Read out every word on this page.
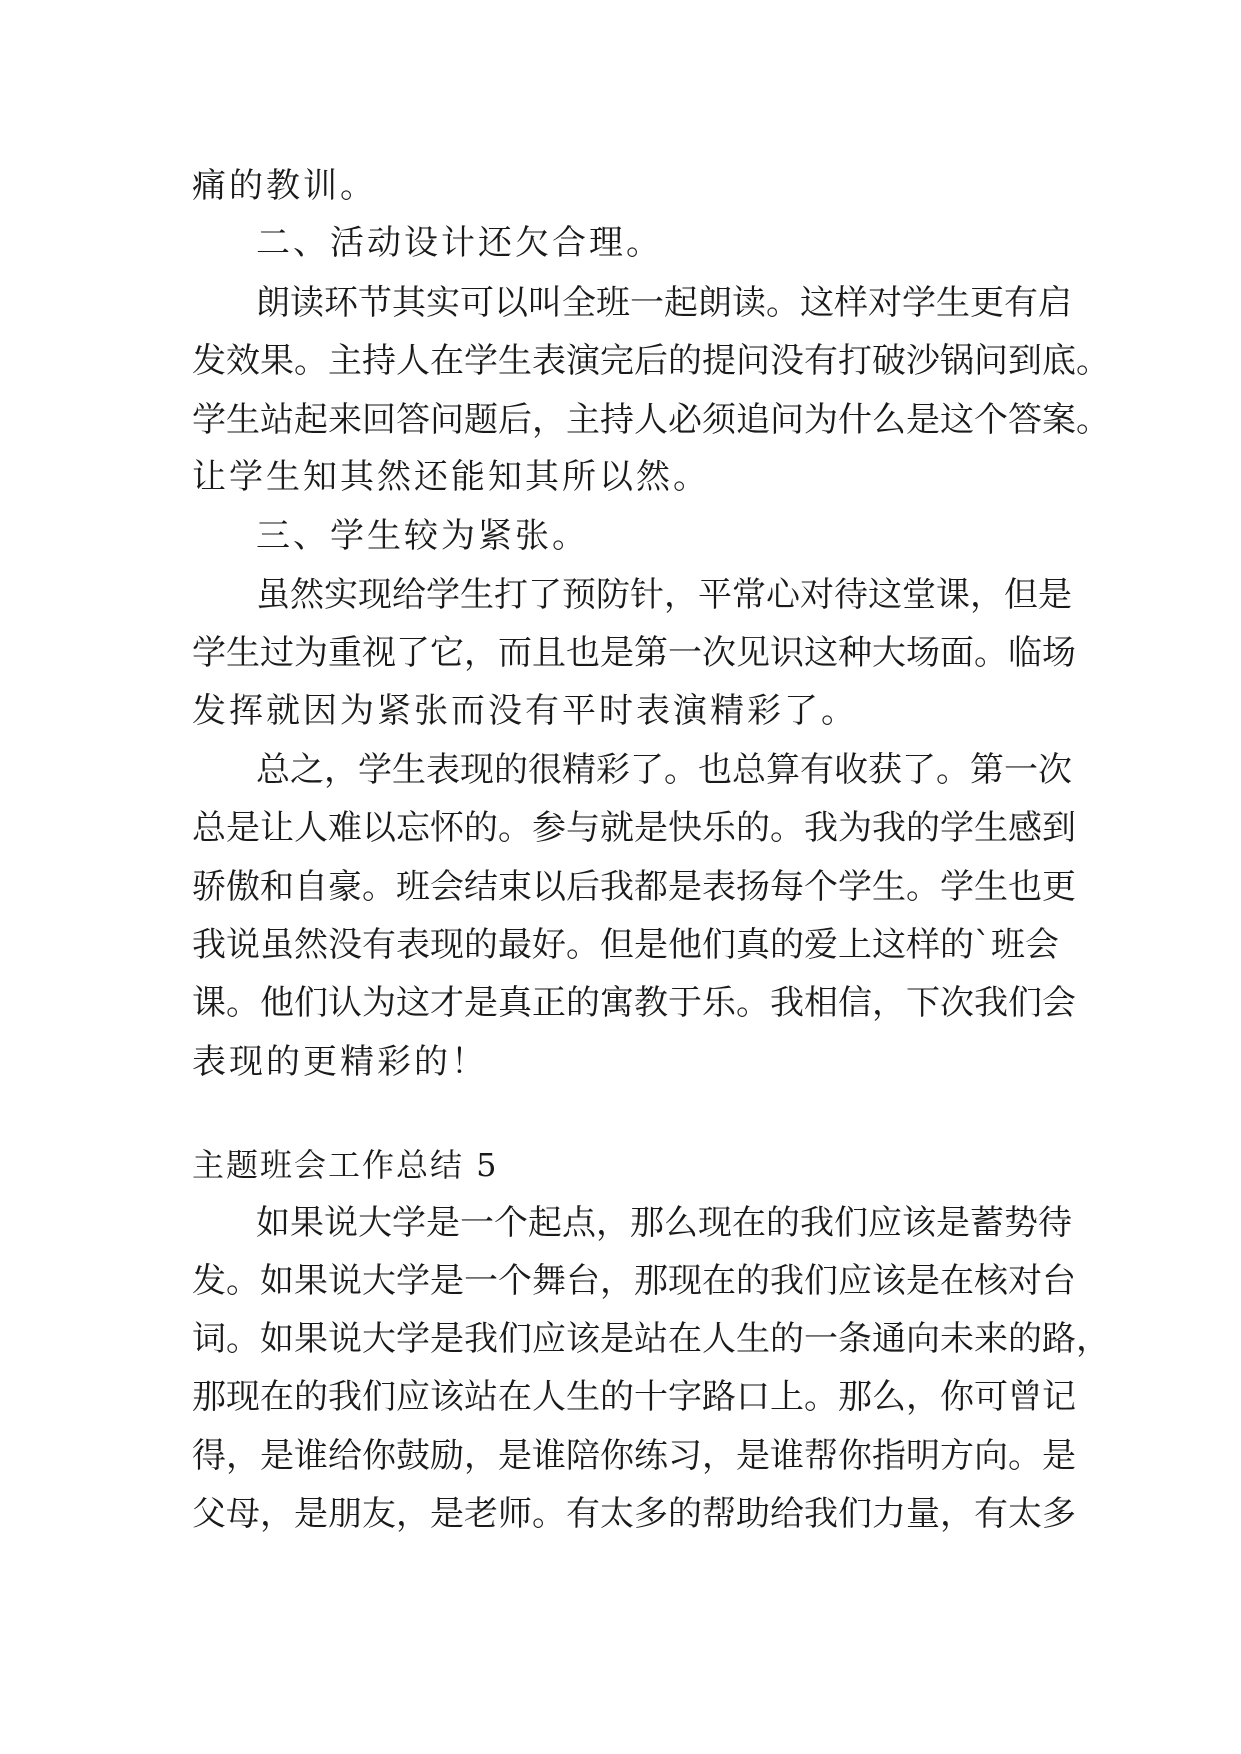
痛的教训。
二、活动设计还欠合理。
朗读环节其实可以叫全班一起朗读。这样对学生更有启
发效果。主持人在学生表演完后的提问没有打破沙锅问到底。
学生站起来回答问题后，主持人必须追问为什么是这个答案。
让学生知其然还能知其所以然。
三、学生较为紧张。
虽然实现给学生打了预防针，平常心对待这堂课，但是
学生过为重视了它，而且也是第一次见识这种大场面。临场
发挥就因为紧张而没有平时表演精彩了。
总之，学生表现的很精彩了。也总算有收获了。第一次
总是让人难以忘怀的。参与就是快乐的。我为我的学生感到
骄傲和自豪。班会结束以后我都是表扬每个学生。学生也更
我说虽然没有表现的最好。但是他们真的爱上这样的`班会
课。他们认为这才是真正的寓教于乐。我相信，下次我们会
表现的更精彩的！
主题班会工作总结 5
如果说大学是一个起点，那么现在的我们应该是蓄势待
发。如果说大学是一个舞台，那现在的我们应该是在核对台
词。如果说大学是我们应该是站在人生的一条通向未来的路，
那现在的我们应该站在人生的十字路口上。那么，你可曾记
得，是谁给你鼓励，是谁陪你练习，是谁帮你指明方向。是
父母，是朋友，是老师。有太多的帮助给我们力量，有太多
